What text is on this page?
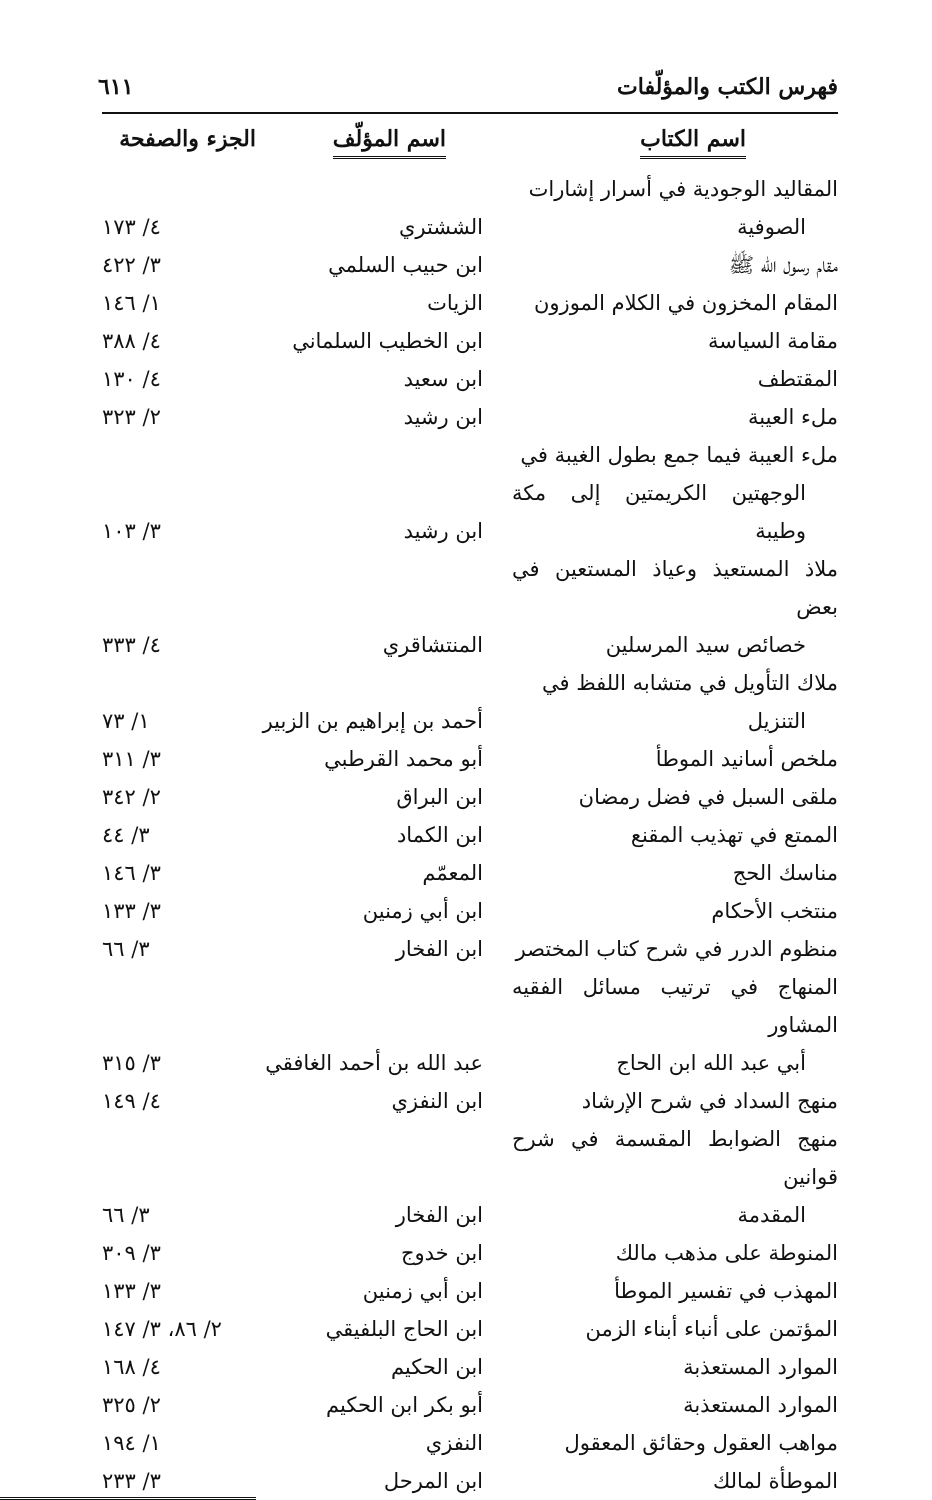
فهرس الكتب والمؤلّفات
٦١١
اسم الكتاب
اسم المؤلّف
الجزء والصفحة
المقاليد الوجودية في أسرار إشارات
الصوفية
الششتري
٤/ ١٧٣
مقام رسول الله ﷺ
ابن حبيب السلمي
٣/ ٤٢٢
المقام المخزون في الكلام الموزون
الزيات
١/ ١٤٦
مقامة السياسة
ابن الخطيب السلماني
٤/ ٣٨٨
المقتطف
ابن سعيد
٤/ ١٣٠
ملء العيبة
ابن رشيد
٢/ ٣٢٣
ملء العيبة فيما جمع بطول الغيبة في
الوجهتين الكريمتين إلى مكة وطيبة
ابن رشيد
٣/ ١٠٣
ملاذ المستعيذ وعياذ المستعين في بعض
خصائص سيد المرسلين
المنتشاقري
٤/ ٣٣٣
ملاك التأويل في متشابه اللفظ في
التنزيل
أحمد بن إبراهيم بن الزبير
١/ ٧٣
ملخص أسانيد الموطأ
أبو محمد القرطبي
٣/ ٣١١
ملقى السبل في فضل رمضان
ابن البراق
٢/ ٣٤٢
الممتع في تهذيب المقنع
ابن الكماد
٣/ ٤٤
مناسك الحج
المعمّم
٣/ ١٤٦
منتخب الأحكام
ابن أبي زمنين
٣/ ١٣٣
منظوم الدرر في شرح كتاب المختصر
ابن الفخار
٣/ ٦٦
المنهاج في ترتيب مسائل الفقيه المشاور
أبي عبد الله ابن الحاج
عبد الله بن أحمد الغافقي
٣/ ٣١٥
منهج السداد في شرح الإرشاد
ابن النفزي
٤/ ١٤٩
منهج الضوابط المقسمة في شرح قوانين
المقدمة
ابن الفخار
٣/ ٦٦
المنوطة على مذهب مالك
ابن خدوج
٣/ ٣٠٩
المهذب في تفسير الموطأ
ابن أبي زمنين
٣/ ١٣٣
المؤتمن على أنباء أبناء الزمن
ابن الحاج البلفيقي
٢/ ٨٦، ٣/ ١٤٧
الموارد المستعذبة
ابن الحكيم
٤/ ١٦٨
الموارد المستعذبة
أبو بكر ابن الحكيم
٢/ ٣٢٥
مواهب العقول وحقائق المعقول
النفزي
١/ ١٩٤
الموطأة لمالك
ابن المرحل
٣/ ٢٣٣
